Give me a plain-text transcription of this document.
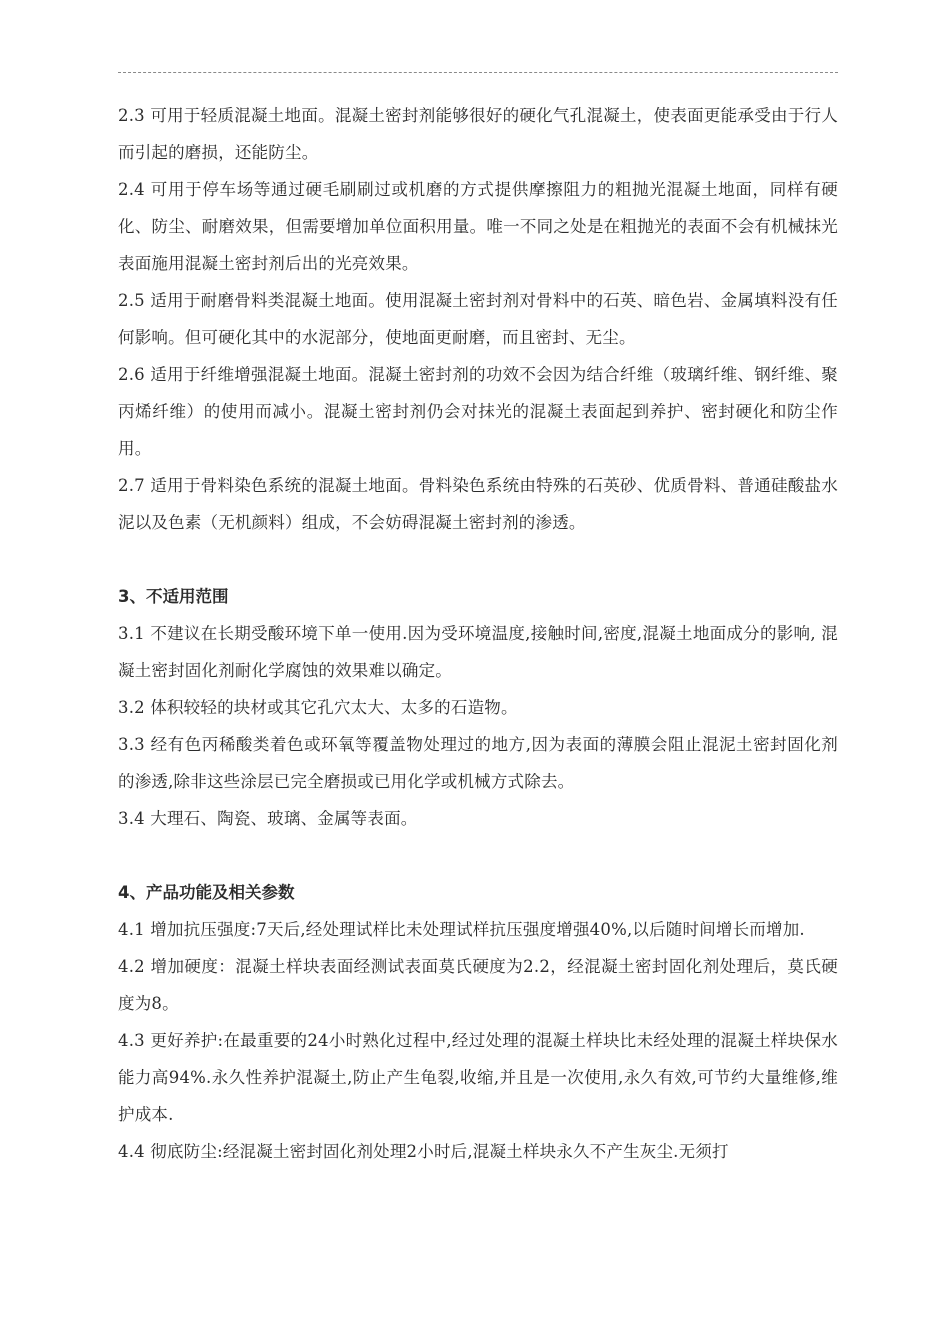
2.3 可用于轻质混凝土地面。混凝土密封剂能够很好的硬化气孔混凝土，使表面更能承受由于行人而引起的磨损，还能防尘。

2.4 可用于停车场等通过硬毛刷刷过或机磨的方式提供摩擦阻力的粗抛光混凝土地面，同样有硬化、防尘、耐磨效果，但需要增加单位面积用量。唯一不同之处是在粗抛光的表面不会有机械抹光表面施用混凝土密封剂后出的光亮效果。

2.5 适用于耐磨骨料类混凝土地面。使用混凝土密封剂对骨料中的石英、暗色岩、金属填料没有任何影响。但可硬化其中的水泥部分，使地面更耐磨，而且密封、无尘。

2.6 适用于纤维增强混凝土地面。混凝土密封剂的功效不会因为结合纤维（玻璃纤维、钢纤维、聚丙烯纤维）的使用而减小。混凝土密封剂仍会对抹光的混凝土表面起到养护、密封硬化和防尘作用。

2.7 适用于骨料染色系统的混凝土地面。骨料染色系统由特殊的石英砂、优质骨料、普通硅酸盐水泥以及色素（无机颜料）组成，不会妨碍混凝土密封剂的渗透。

3、不适用范围

3.1 不建议在长期受酸环境下单一使用.因为受环境温度,接触时间,密度,混凝土地面成分的影响, 混凝土密封固化剂耐化学腐蚀的效果难以确定。

3.2 体积较轻的块材或其它孔穴太大、太多的石造物。

3.3 经有色丙稀酸类着色或环氧等覆盖物处理过的地方,因为表面的薄膜会阻止混泥土密封固化剂的渗透,除非这些涂层已完全磨损或已用化学或机械方式除去。

3.4 大理石、陶瓷、玻璃、金属等表面。

4、产品功能及相关参数

4.1 增加抗压强度:7天后,经处理试样比未处理试样抗压强度增强40%,以后随时间增长而增加.

4.2 增加硬度：混凝土样块表面经测试表面莫氏硬度为2.2，经混凝土密封固化剂处理后，莫氏硬度为8。

4.3 更好养护:在最重要的24小时熟化过程中,经过处理的混凝土样块比未经处理的混凝土样块保水能力高94%.永久性养护混凝土,防止产生龟裂,收缩,并且是一次使用,永久有效,可节约大量维修,维护成本.

4.4 彻底防尘:经混凝土密封固化剂处理2小时后,混凝土样块永久不产生灰尘.无须打
